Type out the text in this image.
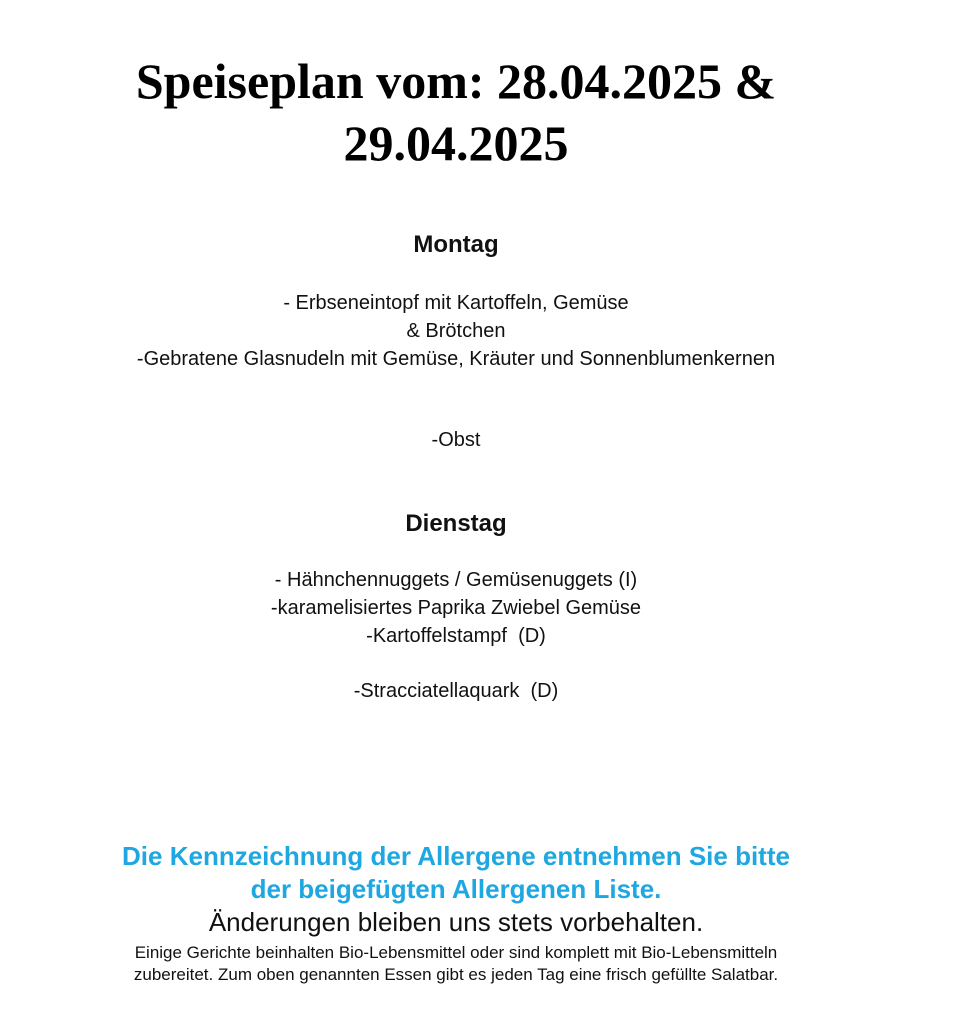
Speiseplan vom: 28.04.2025 &
29.04.2025
Montag
- Erbseneintopf mit Kartoffeln, Gemüse
& Brötchen
-Gebratene Glasnudeln mit Gemüse, Kräuter und Sonnenblumenkernen
-Obst
Dienstag
- Hähnchennuggets / Gemüsenuggets (I)
-karamelisiertes Paprika Zwiebel Gemüse
-Kartoffelstampf  (D)
-Stracciatellaquark  (D)
Die Kennzeichnung der Allergene entnehmen Sie bitte
der beigefügten Allergenen Liste.
Änderungen bleiben uns stets vorbehalten.
Einige Gerichte beinhalten Bio-Lebensmittel oder sind komplett mit Bio-Lebensmitteln
zubereitet. Zum oben genannten Essen gibt es jeden Tag eine frisch gefüllte Salatbar.
